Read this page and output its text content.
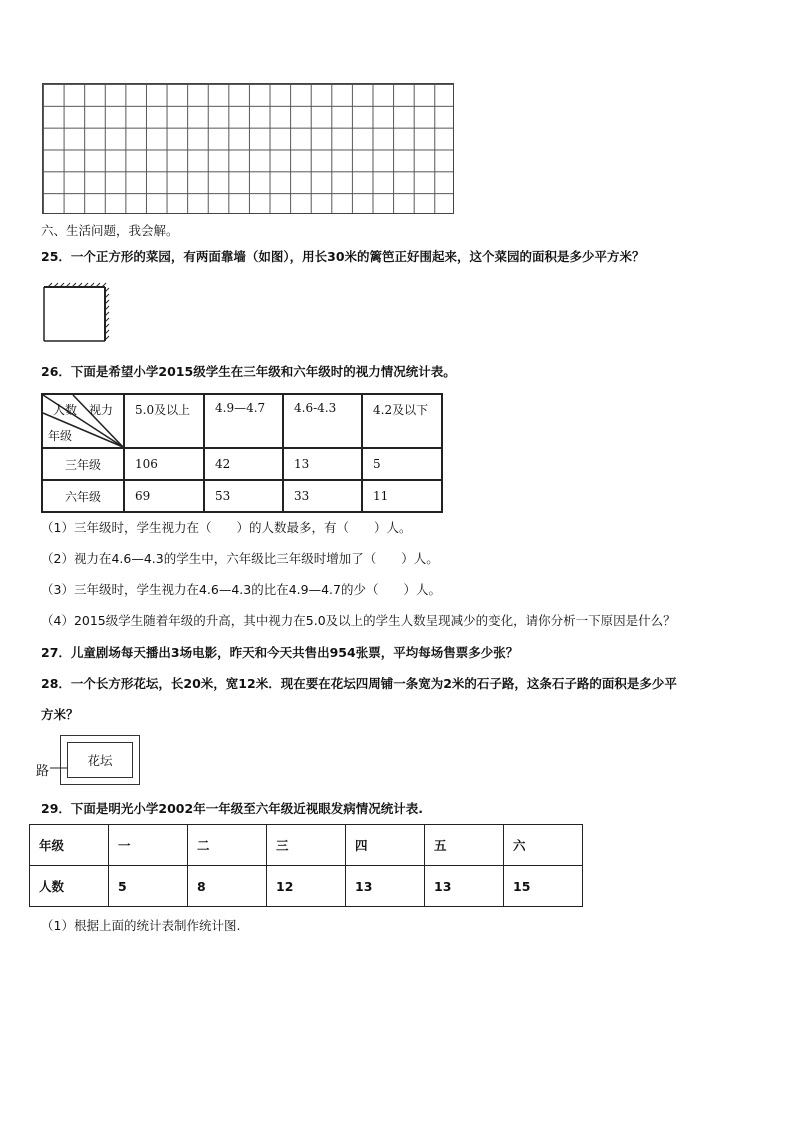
六、生活问题，我会解。
25．一个正方形的菜园，有两面靠墙（如图），用长30米的篱笆正好围起来，这个菜园的面积是多少平方米？
26．下面是希望小学2015级学生在三年级和六年级时的视力情况统计表。
人数　视力
年级	5.0及以上	4.9—4.7	4.6-4.3	4.2及以下
三年级	106	42	13	5
六年级	69	53	33	11
（1）三年级时，学生视力在（　　）的人数最多，有（　　）人。
（2）视力在4.6—4.3的学生中，六年级比三年级时增加了（　　）人。
（3）三年级时，学生视力在4.6—4.3的比在4.9—4.7的少（　　）人。
（4）2015级学生随着年级的升高，其中视力在5.0及以上的学生人数呈现减少的变化，请你分析一下原因是什么？
27．儿童剧场每天播出3场电影，昨天和今天共售出954张票，平均每场售票多少张？
28．一个长方形花坛，长20米，宽12米．现在要在花坛四周铺一条宽为2米的石子路，这条石子路的面积是多少平
方米？
花坛
路
29．下面是明光小学2002年一年级至六年级近视眼发病情况统计表.
年级	一	二	三	四	五	六
人数	5	8	12	13	13	15
（1）根据上面的统计表制作统计图.
